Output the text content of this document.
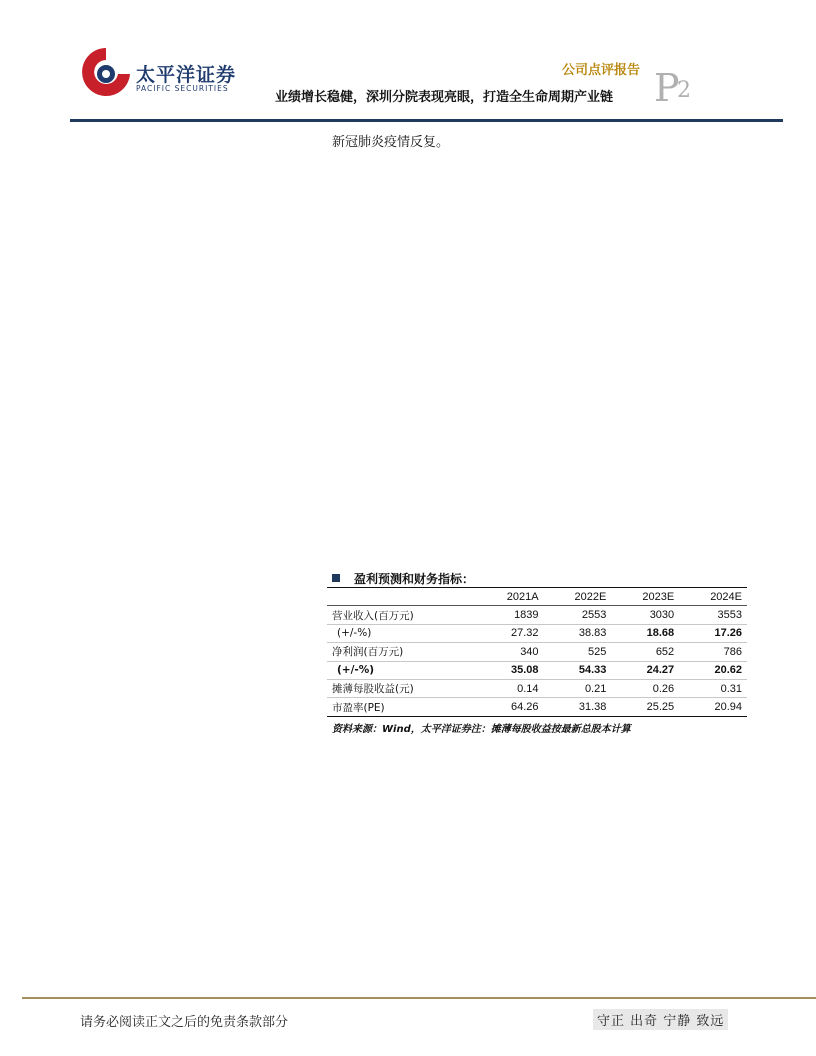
太平洋证券
PACIFIC SECURITIES
公司点评报告
业绩增长稳健，深圳分院表现亮眼，打造全生命周期产业链 P
2
新冠肺炎疫情反复。
盈利预测和财务指标：
	2021A	2022E	2023E	2024E
营业收入(百万元)	1839	2553	3030	3553
(+/-%)	27.32	38.83	18.68	17.26
净利润(百万元)	340	525	652	786
(+/-%)	35.08	54.33	24.27	20.62
摊薄每股收益(元)	0.14	0.21	0.26	0.31
市盈率(PE)	64.26	31.38	25.25	20.94
资料来源：Wind，太平洋证券注：摊薄每股收益按最新总股本计算
请务必阅读正文之后的免责条款部分	守正 出奇 宁静 致远
